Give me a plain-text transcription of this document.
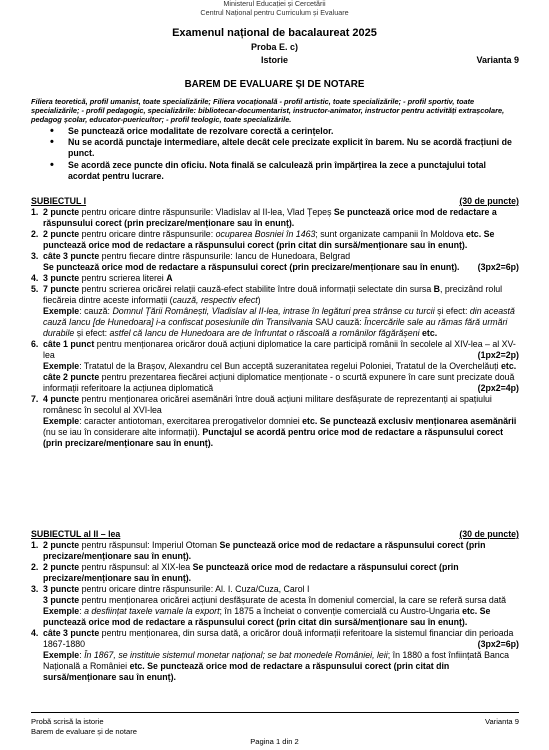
Ministerul Educației și Cercetării
Centrul Național pentru Curriculum și Evaluare
Examenul național de bacalaureat 2025
Proba E. c)
Istorie	Varianta 9
BAREM DE EVALUARE ȘI DE NOTARE
Filiera teoretică, profil umanist, toate specializările; Filiera vocațională - profil artistic, toate specializările; - profil sportiv, toate specializările; - profil pedagogic, specializările: bibliotecar-documentarist, instructor-animator, instructor pentru activități extrașcolare, pedagog școlar, educator-puericultor; - profil teologic, toate specializările.
• Se punctează orice modalitate de rezolvare corectă a cerințelor.
• Nu se acordă punctaje intermediare, altele decât cele precizate explicit în barem. Nu se acordă fracțiuni de punct.
• Se acordă zece puncte din oficiu. Nota finală se calculează prin împărțirea la zece a punctajului total acordat pentru lucrare.
SUBIECTUL I	(30 de puncte)
1. 2 puncte pentru oricare dintre răspunsurile: Vladislav al II-lea, Vlad Țepeș Se punctează orice mod de redactare a răspunsului corect (prin precizare/menționare sau în enunț).
2. 2 puncte pentru oricare dintre răspunsurile: ocuparea Bosniei în 1463; sunt organizate campanii în Moldova etc. Se punctează orice mod de redactare a răspunsului corect (prin citat din sursă/menționare sau în enunț).
3. câte 3 puncte pentru fiecare dintre răspunsurile: Iancu de Hunedoara, Belgrad
Se punctează orice mod de redactare a răspunsului corect (prin precizare/menționare sau în enunț). (3px2=6p)
4. 3 puncte pentru scrierea literei A
5. 7 puncte pentru scrierea oricărei relații cauză-efect stabilite între două informații selectate din sursa B, precizând rolul fiecăreia dintre aceste informații (cauză, respectiv efect)
Exemple: cauză: Domnul Țării Românești, Vladislav al II-lea, intrase în legături prea strânse cu turcii și efect: din această cauză Iancu [de Hunedoara] i-a confiscat posesiunile din Transilvania SAU cauză: Încercările sale au rămas fără urmări durabile și efect: astfel că Iancu de Hunedoara are de înfruntat o răscoală a românilor făgărășeni etc.
6. câte 1 punct pentru menționarea oricăror două acțiuni diplomatice la care participă românii în secolele al XIV-lea – al XV-lea	(1px2=2p)

Exemple: Tratatul de la Brașov, Alexandru cel Bun acceptă suzeranitatea regelui Poloniei, Tratatul de la Overchelăuți etc.
câte 2 puncte pentru prezentarea fiecărei acțiuni diplomatice menționate - o scurtă expunere în care sunt precizate două informații referitoare la acțiunea diplomatică	(2px2=4p)
7. 4 puncte pentru menționarea oricărei asemănări între două acțiuni militare desfășurate de reprezentanți ai spațiului românesc în secolul al XVI-lea
Exemple: caracter antiotoman, exercitarea prerogativelor domniei etc. Se punctează exclusiv menționarea asemănării (nu se iau în considerare alte informații). Punctajul se acordă pentru orice mod de redactare a răspunsului corect (prin precizare/menționare sau în enunț).
SUBIECTUL al II – lea	(30 de puncte)
1. 2 puncte pentru răspunsul: Imperiul Otoman Se punctează orice mod de redactare a răspunsului corect (prin precizare/menționare sau în enunț).
2. 2 puncte pentru răspunsul: al XIX-lea Se punctează orice mod de redactare a răspunsului corect (prin precizare/menționare sau în enunț).
3. 3 puncte pentru oricare dintre răspunsurile: Al. I. Cuza/Cuza, Carol I
3 puncte pentru menționarea oricărei acțiuni desfășurate de acesta în domeniul comercial, la care se referă sursa dată Exemple: a desființat taxele vamale la export; în 1875 a încheiat o convenție comercială cu Austro-Ungaria etc. Se punctează orice mod de redactare a răspunsului corect (prin citat din sursă/menționare sau în enunț).
4. câte 3 puncte pentru menționarea, din sursa dată, a oricăror două informații referitoare la sistemul financiar din perioada 1867-1880	(3px2=6p)

Exemple: În 1867, se instituie sistemul monetar național; se bat monedele României, leii; în 1880 a fost înființată Banca Națională a României etc. Se punctează orice mod de redactare a răspunsului corect (prin citat din sursă/menționare sau în enunț).
Probă scrisă la istorie
Barem de evaluare și de notare
Varianta 9
Pagina 1 din 2
